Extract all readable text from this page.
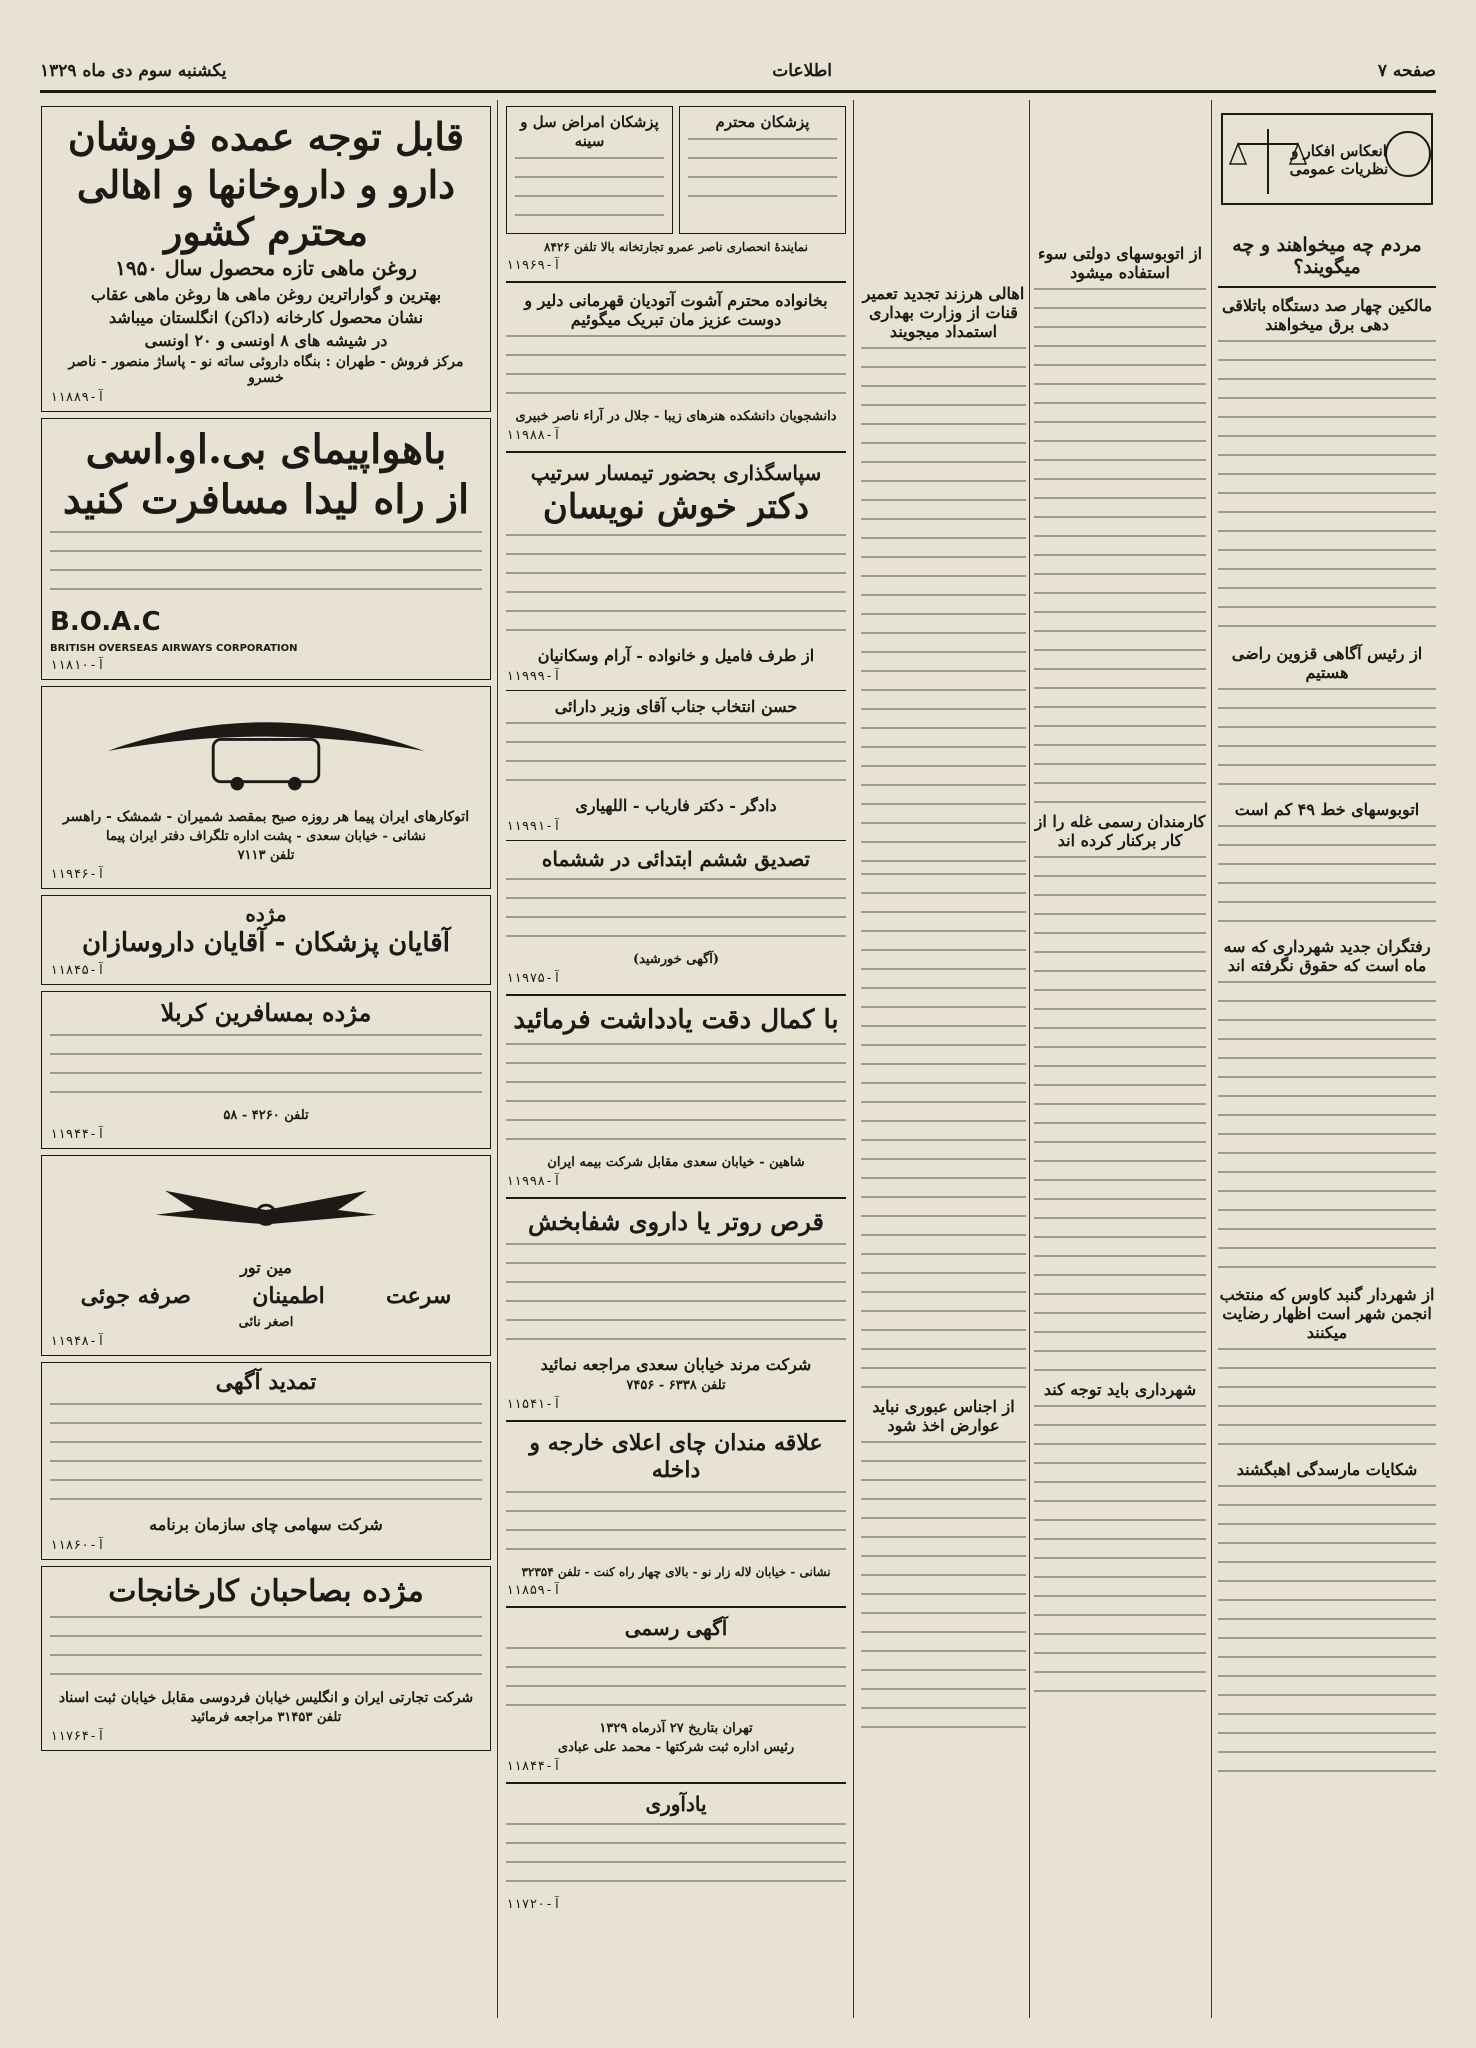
صفحه ۷
اطلاعات
یکشنبه سوم دی ماه ۱۳۲۹
انعکاس افکار و نظریات عمومی
مردم چه میخواهند و چه میگویند؟
مالکین چهار صد دستگاه باتلاقی دهی برق میخواهند
از رئیس آگاهی قزوین راضی هستیم
اتوبوسهای خط ۴۹ کم است
رفتگران جدید شهرداری که سه ماه است که حقوق نگرفته اند
از شهردار گنبد کاوس که منتخب انجمن شهر است اظهار رضایت میکنند
شکایات مارسدگی اهبگشند
از اتوبوسهای دولتی سوء استفاده میشود
کارمندان رسمی غله را از کار برکنار کرده اند
شهرداری باید توجه کند
اهالی هرزند تجدید تعمیر قنات از وزارت بهداری استمداد میجویند
از اجناس عبوری نباید عوارض اخذ شود
پزشکان محترم
پزشکان امراض سل و سینه
نمایندۀ انحصاری ناصر عمرو تجارتخانه بالا تلفن ۸۴۲۶
آ-۱۱۹۶۹
بخانواده محترم آشوت آتودیان قهرمانی دلیر و دوست عزیز مان تبریک میگوئیم
دانشجویان دانشکده هنرهای زیبا - جلال در آراء ناصر خبیری
آ-۱۱۹۸۸
سپاسگذاری بحضور تیمسار سرتیپ
دکتر خوش نویسان
از طرف فامیل و خانواده - آرام وسکانیان
آ-۱۱۹۹۹
حسن انتخاب جناب آقای وزیر دارائی
دادگر - دکتر فاریاب - اللهیاری
آ-۱۱۹۹۱
تصدیق ششم ابتدائی در ششماه
(آگهی خورشید)
آ-۱۱۹۷۵
با کمال دقت یادداشت فرمائید
شاهین - خیابان سعدی مقابل شرکت بیمه ایران
آ-۱۱۹۹۸
قرص روتر یا داروی شفابخش
شرکت مرند خیابان سعدی مراجعه نمائید
تلفن ۶۳۳۸ - ۷۴۵۶
آ-۱۱۵۴۱
علاقه مندان چای اعلای خارجه و داخله
نشانی - خیابان لاله زار نو - بالای چهار راه کنت - تلفن ۳۲۳۵۴
آ-۱۱۸۵۹
آگهی رسمی
تهران بتاریخ ۲۷ آذرماه ۱۳۲۹
رئیس اداره ثبت شرکتها - محمد علی عبادی
آ-۱۱۸۴۴
یادآوری
آ-۱۱۷۲۰
قابل توجه عمده فروشان
دارو و داروخانها و اهالی
محترم کشور
روغن ماهی تازه محصول سال ۱۹۵۰
بهترین و گواراترین روغن ماهی ها روغن ماهی عقاب
نشان محصول کارخانه (داکن) انگلستان میباشد
در شیشه های ۸ اونسی و ۲۰ اونسی
مرکز فروش - طهران : بنگاه داروئی ساته نو - پاساژ منصور - ناصر خسرو
آ-۱۱۸۸۹
باهواپیمای بی.او.اسی
از راه لیدا مسافرت کنید
B.O.A.C
BRITISH OVERSEAS AIRWAYS CORPORATION
آ-۱۱۸۱۰
اتوکارهای ایران پیما هر روزه صبح بمقصد شمیران - شمشک - راهسر
نشانی - خیابان سعدی - پشت اداره تلگراف دفتر ایران پیما
تلفن ۷۱۱۳
آ-۱۱۹۴۶
مژده
آقایان پزشکان - آقایان داروسازان
آ-۱۱۸۴۵
مژده بمسافرین کربلا
تلفن ۴۲۶۰ - ۵۸
آ-۱۱۹۴۴
مین تور
سرعت
اطمینان
صرفه جوئی
اصغر نائی
آ-۱۱۹۴۸
تمدید آگهی
شرکت سهامی چای سازمان برنامه
آ-۱۱۸۶۰
مژده بصاحبان کارخانجات
شرکت تجارتی ایران و انگلیس خیابان فردوسی مقابل خیابان ثبت اسناد
تلفن ۳۱۴۵۳ مراجعه فرمائید
آ-۱۱۷۶۴
